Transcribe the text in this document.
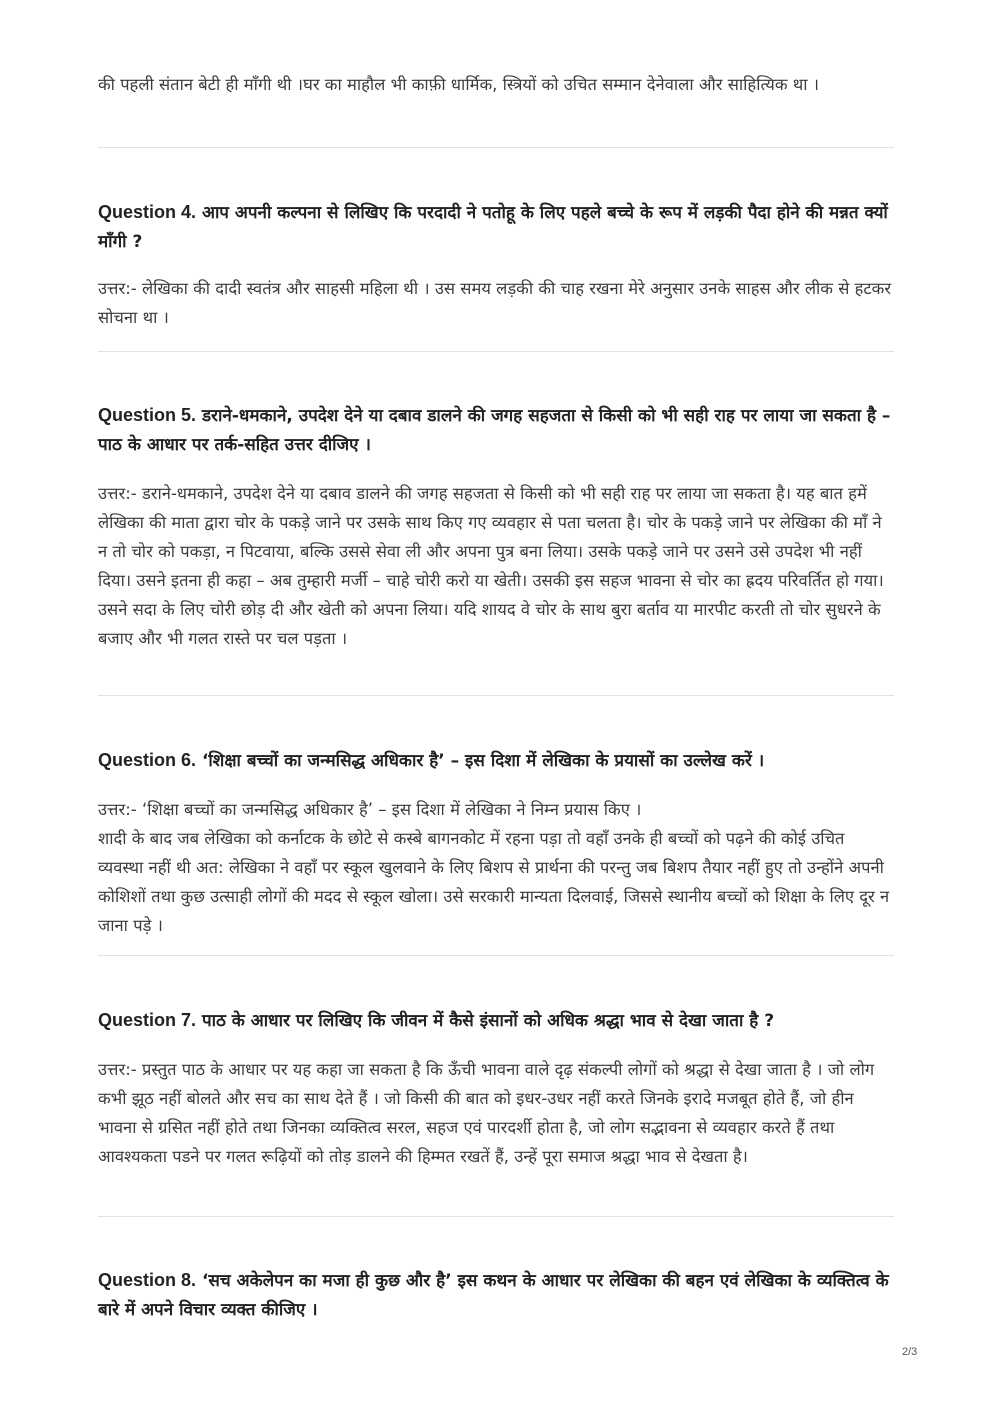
की पहली संतान बेटी ही माँगी थी ।घर का माहौल भी काफ़ी धार्मिक, स्त्रियों को उचित सम्मान देनेवाला और साहित्यिक था ।

Question 4. आप अपनी कल्पना से लिखिए कि परदादी ने पतोहू के लिए पहले बच्चे के रूप में लड़की पैदा होने की मन्नत क्यों माँगी ?

उत्तर:- लेखिका की दादी स्वतंत्र और साहसी महिला थी । उस समय लड़की की चाह रखना मेरे अनुसार उनके साहस और लीक से हटकर सोचना था ।

Question 5. डराने-धमकाने, उपदेश देने या दबाव डालने की जगह सहजता से किसी को भी सही राह पर लाया जा सकता है – पाठ के आधार पर तर्क-सहित उत्तर दीजिए ।

उत्तर:- डराने-धमकाने, उपदेश देने या दबाव डालने की जगह सहजता से किसी को भी सही राह पर लाया जा सकता है। यह बात हमें लेखिका की माता द्वारा चोर के पकड़े जाने पर उसके साथ किए गए व्यवहार से पता चलता है। चोर के पकड़े जाने पर लेखिका की माँ ने न तो चोर को पकड़ा, न पिटवाया, बल्कि उससे सेवा ली और अपना पुत्र बना लिया। उसके पकड़े जाने पर उसने उसे उपदेश भी नहीं दिया। उसने इतना ही कहा – अब तुम्हारी मर्जी – चाहे चोरी करो या खेती। उसकी इस सहज भावना से चोर का ह्रदय परिवर्तित हो गया। उसने सदा के लिए चोरी छोड़ दी और खेती को अपना लिया। यदि शायद वे चोर के साथ बुरा बर्ताव या मारपीट करती तो चोर सुधरने के बजाए और भी गलत रास्ते पर चल पड़ता ।

Question 6. ‘शिक्षा बच्चों का जन्मसिद्ध अधिकार है’ – इस दिशा में लेखिका के प्रयासों का उल्लेख करें ।

उत्तर:- ‘शिक्षा बच्चों का जन्मसिद्ध अधिकार है’ – इस दिशा में लेखिका ने निम्न प्रयास किए ।

शादी के बाद जब लेखिका को कर्नाटक के छोटे से कस्बे बागनकोट में रहना पड़ा तो वहाँ उनके ही बच्चों को पढ़ने की कोई उचित व्यवस्था नहीं थी अत: लेखिका ने वहाँ पर स्कूल खुलवाने के लिए बिशप से प्रार्थना की परन्तु जब बिशप तैयार नहीं हुए तो उन्होंने अपनी कोशिशों तथा कुछ उत्साही लोगों की मदद से स्कूल खोला। उसे सरकारी मान्यता दिलवाई, जिससे स्थानीय बच्चों को शिक्षा के लिए दूर न जाना पड़े ।

Question 7. पाठ के आधार पर लिखिए कि जीवन में कैसे इंसानों को अधिक श्रद्धा भाव से देखा जाता है ?

उत्तर:- प्रस्तुत पाठ के आधार पर यह कहा जा सकता है कि ऊँची भावना वाले दृढ़ संकल्पी लोगों को श्रद्धा से देखा जाता है । जो लोग कभी झूठ नहीं बोलते और सच का साथ देते हैं । जो किसी की बात को इधर-उधर नहीं करते जिनके इरादे मजबूत होते हैं, जो हीन भावना से ग्रसित नहीं होते तथा जिनका व्यक्तित्व सरल, सहज एवं पारदर्शी होता है, जो लोग सद्भावना से व्यवहार करते हैं तथा आवश्यकता पडने पर गलत रूढ़ियों को तोड़ डालने की हिम्मत रखतें हैं, उन्हें पूरा समाज श्रद्धा भाव से देखता है।

Question 8. ‘सच अकेलेपन का मजा ही कुछ और है’ इस कथन के आधार पर लेखिका की बहन एवं लेखिका के व्यक्तित्व के बारे में अपने विचार व्यक्त कीजिए ।

2/3
